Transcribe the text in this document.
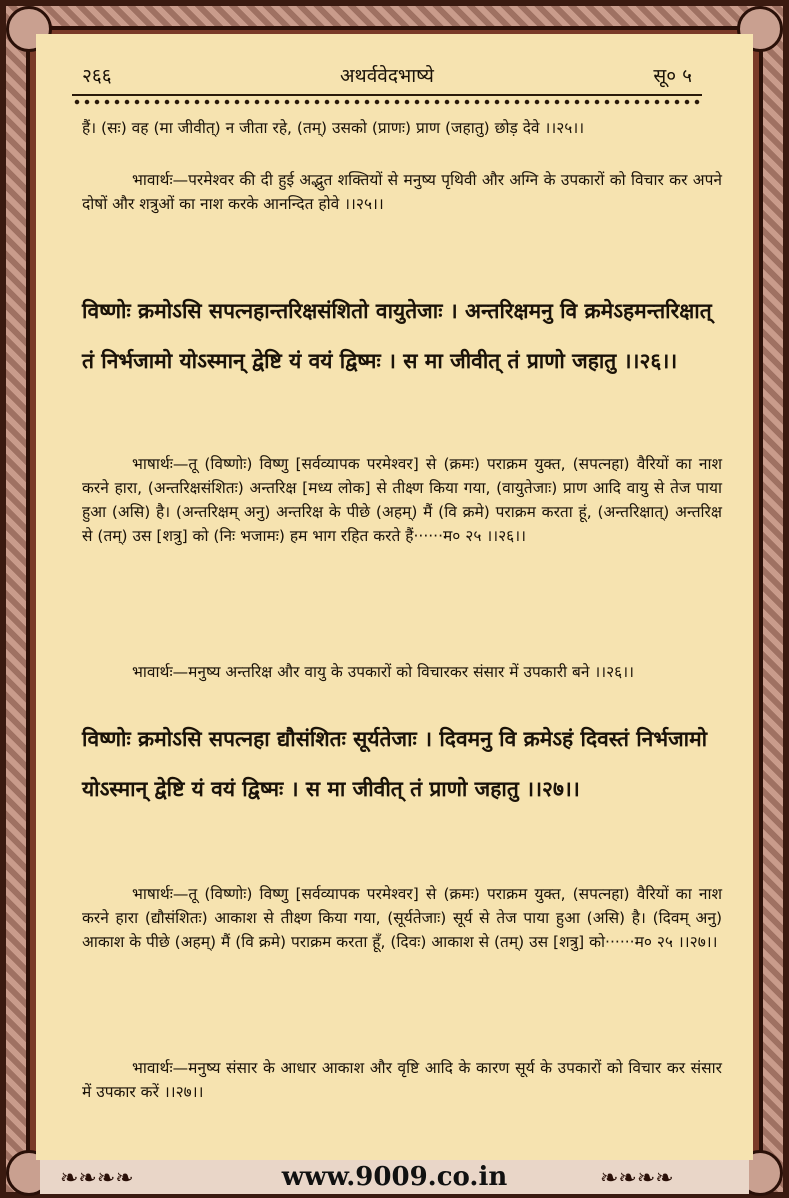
अथर्ववेदभाष्ये
२६६	सू० ५
हैं। (सः) वह (मा जीवीत्) न जीता रहे, (तम्) उसको (प्राणः) प्राण (जहातु) छोड़ देवे ।।२५।।
भावार्थः—परमेश्वर की दी हुई अद्भुत शक्तियों से मनुष्य पृथिवी और अग्नि के उपकारों को विचार कर अपने दोषों और शत्रुओं का नाश करके आनन्दित होवे ।।२५।।
विष्णोः क्रमोऽसि सपत्नहान्तरिक्षसंशितो वायुतेजाः । अन्तरिक्षमनु वि क्रमेऽहमन्तरिक्षात् तं निर्भजामो योऽस्मान् द्वेष्टि यं वयं द्विष्मः । स मा जीवीत् तं प्राणो जहातु ।।२६।।
भाषार्थः—तू (विष्णोः) विष्णु [सर्वव्यापक परमेश्वर] से (क्रमः) पराक्रम युक्त, (सपत्नहा) वैरियों का नाश करने हारा, (अन्तरिक्षसंशितः) अन्तरिक्ष [मध्य लोक] से तीक्ष्ण किया गया, (वायुतेजाः) प्राण आदि वायु से तेज पाया हुआ (असि) है। (अन्तरिक्षम् अनु) अन्तरिक्ष के पीछे (अहम्) मैं (वि क्रमे) पराक्रम करता हूं, (अन्तरिक्षात्) अन्तरिक्ष से (तम्) उस [शत्रु] को (निः भजामः) हम भाग रहित करते हैं······म० २५ ।।२६।।
भावार्थः—मनुष्य अन्तरिक्ष और वायु के उपकारों को विचारकर संसार में उपकारी बने ।।२६।।
विष्णोः क्रमोऽसि सपत्नहा द्यौसंशितः सूर्यतेजाः । दिवमनु वि क्रमेऽहं दिवस्तं निर्भजामो योऽस्मान् द्वेष्टि यं वयं द्विष्मः । स मा जीवीत् तं प्राणो जहातु ।।२७।।
भाषार्थः—तू (विष्णोः) विष्णु [सर्वव्यापक परमेश्वर] से (क्रमः) पराक्रम युक्त, (सपत्नहा) वैरियों का नाश करने हारा (द्यौसंशितः) आकाश से तीक्ष्ण किया गया, (सूर्यतेजाः) सूर्य से तेज पाया हुआ (असि) है। (दिवम् अनु) आकाश के पीछे (अहम्) मैं (वि क्रमे) पराक्रम करता हूँ, (दिवः) आकाश से (तम्) उस [शत्रु] को······म० २५ ।।२७।।
भावार्थः—मनुष्य संसार के आधार आकाश और वृष्टि आदि के कारण सूर्य के उपकारों को विचार कर संसार में उपकार करें ।।२७।।
❧❧❧❧	❧❧❧❧
www.9009.co.in
